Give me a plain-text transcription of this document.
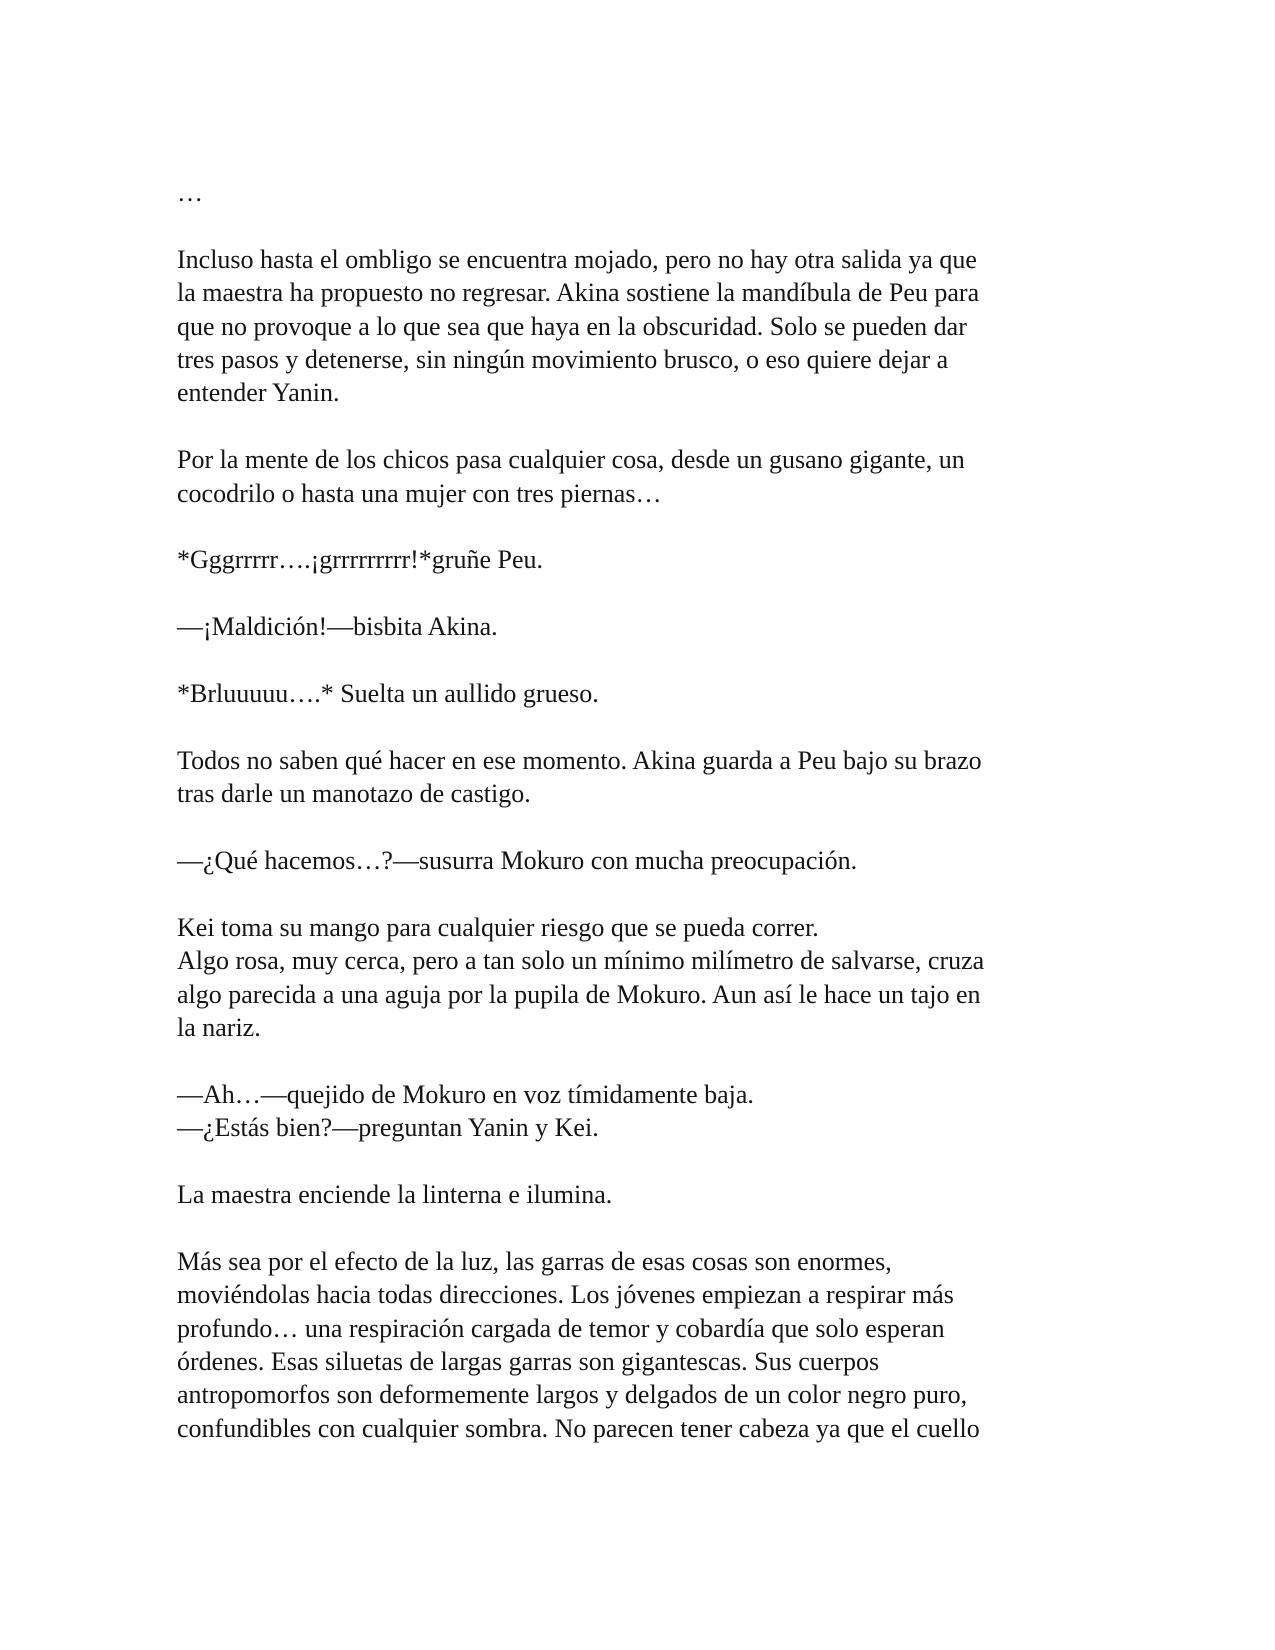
…

Incluso hasta el ombligo se encuentra mojado, pero no hay otra salida ya que
la maestra ha propuesto no regresar. Akina sostiene la mandíbula de Peu para
que no provoque a lo que sea que haya en la obscuridad. Solo se pueden dar
tres pasos y detenerse, sin ningún movimiento brusco, o eso quiere dejar a
entender Yanin.

Por la mente de los chicos pasa cualquier cosa, desde un gusano gigante, un
cocodrilo o hasta una mujer con tres piernas…

*Gggrrrrr….¡grrrrrrrrr!*gruñe Peu.

—¡Maldición!—bisbita Akina.

*Brluuuuu….* Suelta un aullido grueso.

Todos no saben qué hacer en ese momento. Akina guarda a Peu bajo su brazo
tras darle un manotazo de castigo.

—¿Qué hacemos…?—susurra Mokuro con mucha preocupación.

Kei toma su mango para cualquier riesgo que se pueda correr.

Algo rosa, muy cerca, pero a tan solo un mínimo milímetro de salvarse, cruza
algo parecida a una aguja por la pupila de Mokuro. Aun así le hace un tajo en
la nariz.

—Ah…—quejido de Mokuro en voz tímidamente baja.

—¿Estás bien?—preguntan Yanin y Kei.

La maestra enciende la linterna e ilumina.

Más sea por el efecto de la luz, las garras de esas cosas son enormes,
moviéndolas hacia todas direcciones. Los jóvenes empiezan a respirar más
profundo… una respiración cargada de temor y cobardía que solo esperan
órdenes. Esas siluetas de largas garras son gigantescas. Sus cuerpos
antropomorfos son deformemente largos y delgados de un color negro puro,
confundibles con cualquier sombra. No parecen tener cabeza ya que el cuello
